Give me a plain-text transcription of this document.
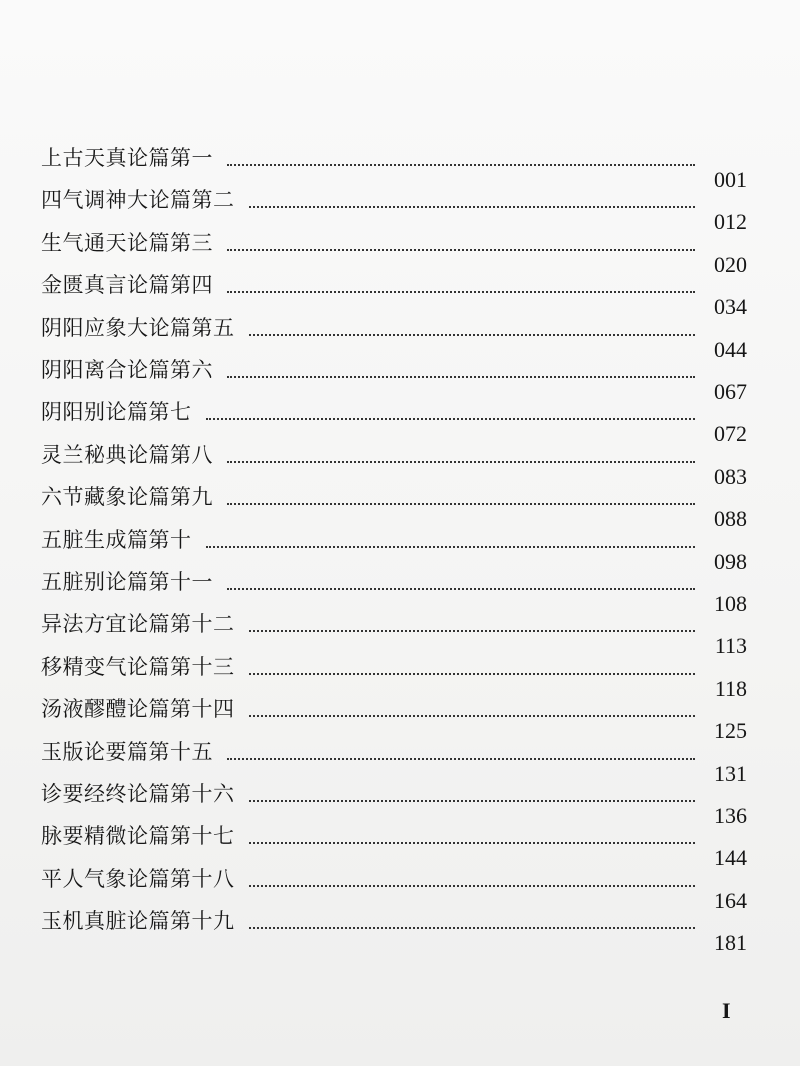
上古天真论篇第一
001
四气调神大论篇第二
012
生气通天论篇第三
020
金匮真言论篇第四
034
阴阳应象大论篇第五
044
阴阳离合论篇第六
067
阴阳别论篇第七
072
灵兰秘典论篇第八
083
六节藏象论篇第九
088
五脏生成篇第十
098
五脏别论篇第十一
108
异法方宜论篇第十二
113
移精变气论篇第十三
118
汤液醪醴论篇第十四
125
玉版论要篇第十五
131
诊要经终论篇第十六
136
脉要精微论篇第十七
144
平人气象论篇第十八
164
玉机真脏论篇第十九
181
I
